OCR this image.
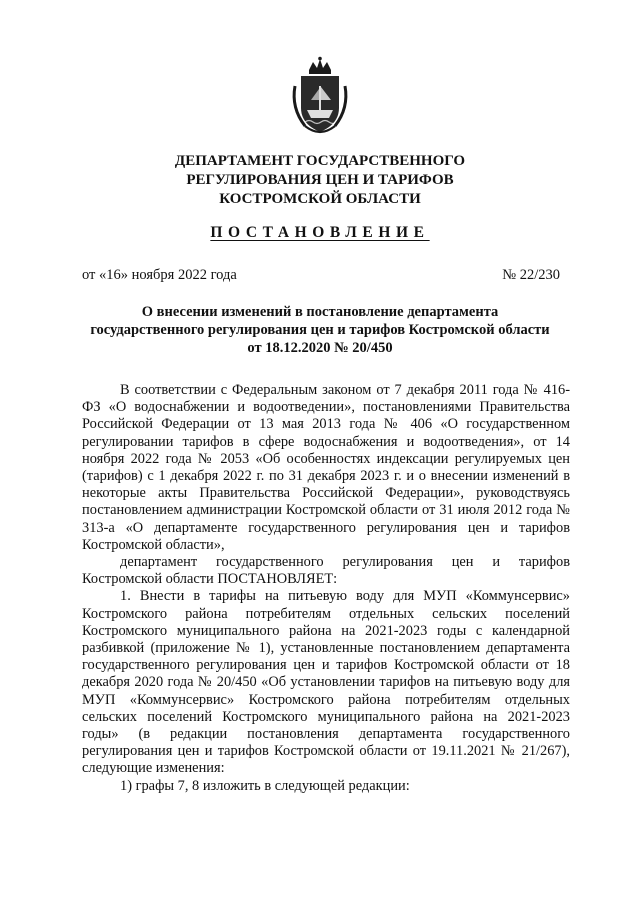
ДЕПАРТАМЕНТ ГОСУДАРСТВЕННОГО
РЕГУЛИРОВАНИЯ ЦЕН И ТАРИФОВ
КОСТРОМСКОЙ ОБЛАСТИ
ПОСТАНОВЛЕНИЕ
от «16» ноября 2022 года	№ 22/230
О внесении изменений в постановление департамента
государственного регулирования цен и тарифов Костромской области
от 18.12.2020 № 20/450

В соответствии с Федеральным законом от 7 декабря 2011 года № 416-ФЗ «О водоснабжении и водоотведении», постановлениями Правительства Российской Федерации от 13 мая 2013 года № 406 «О государственном регулировании тарифов в сфере водоснабжения и водоотведения», от 14 ноября 2022 года № 2053 «Об особенностях индексации регулируемых цен (тарифов) с 1 декабря 2022 г. по 31 декабря 2023 г. и о внесении изменений в некоторые акты Правительства Российской Федерации», руководствуясь постановлением администрации Костромской области от 31 июля 2012 года № 313-а «О департаменте государственного регулирования цен и тарифов Костромской области»,

департамент государственного регулирования цен и тарифов Костромской области ПОСТАНОВЛЯЕТ:

1. Внести в тарифы на питьевую воду для МУП «Коммунсервис» Костромского района потребителям отдельных сельских поселений Костромского муниципального района на 2021-2023 годы с календарной разбивкой (приложение № 1), установленные постановлением департамента государственного регулирования цен и тарифов Костромской области от 18 декабря 2020 года № 20/450 «Об установлении тарифов на питьевую воду для МУП «Коммунсервис» Костромского района потребителям отдельных сельских поселений Костромского муниципального района на 2021-2023 годы» (в редакции постановления департамента государственного регулирования цен и тарифов Костромской области от 19.11.2021 № 21/267), следующие изменения:

1) графы 7, 8 изложить в следующей редакции:
